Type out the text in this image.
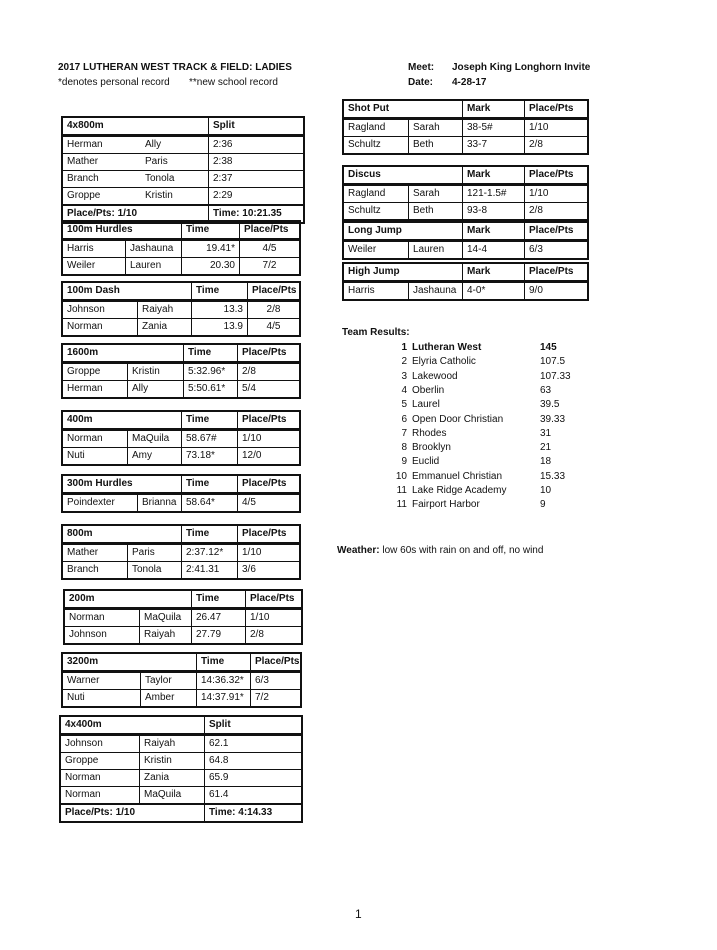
2017 LUTHERAN WEST TRACK & FIELD: LADIES
*denotes personal record **new school record
Meet: Joseph King Longhorn Invite
Date: 4-28-17
4x800m	Split
Herman	Ally	2:36
Mather	Paris	2:38
Branch	Tonola	2:37
Groppe	Kristin	2:29
Place/Pts: 1/10	Time: 10:21.35
100m Hurdles	Time	Place/Pts
Harris	Jashauna	19.41*	4/5
Weiler	Lauren	20.30	7/2
100m Dash	Time	Place/Pts
Johnson	Raiyah	13.3	2/8
Norman	Zania	13.9	4/5
1600m	Time	Place/Pts
Groppe	Kristin	5:32.96*	2/8
Herman	Ally	5:50.61*	5/4
400m	Time	Place/Pts
Norman	MaQuila	58.67#	1/10
Nuti	Amy	73.18*	12/0
300m Hurdles	Time	Place/Pts
Poindexter	Brianna 58.64*	4/5
800m	Time	Place/Pts
Mather	Paris	2:37.12*	1/10
Branch	Tonola	2:41.31	3/6
200m	Time	Place/Pts
Norman	MaQuila	26.47	1/10
Johnson	Raiyah	27.79	2/8
3200m	Time	Place/Pts
Warner	Taylor	14:36.32*	6/3
Nuti	Amber	14:37.91*	7/2
4x400m	Split
Johnson	Raiyah	62.1
Groppe	Kristin	64.8
Norman	Zania	65.9
Norman	MaQuila	61.4
Place/Pts: 1/10	Time: 4:14.33
Shot Put	Mark	Place/Pts
Ragland	Sarah	38-5#	1/10
Schultz	Beth	33-7	2/8
Discus	Mark	Place/Pts
Ragland	Sarah	121-1.5#	1/10
Schultz	Beth	93-8	2/8
Long Jump	Mark	Place/Pts
Weiler	Lauren	14-4	6/3
High Jump	Mark	Place/Pts
Harris	Jashauna	4-0*	9/0
Team Results:
1 Lutheran West	145
2 Elyria Catholic	107.5
3 Lakewood	107.33
4 Oberlin	63
5 Laurel	39.5
6 Open Door Christian	39.33
7 Rhodes	31
8 Brooklyn	21
9 Euclid	18
10 Emmanuel Christian	15.33
11 Lake Ridge Academy	10
11 Fairport Harbor	9
Weather: low 60s with rain on and off, no wind
1
